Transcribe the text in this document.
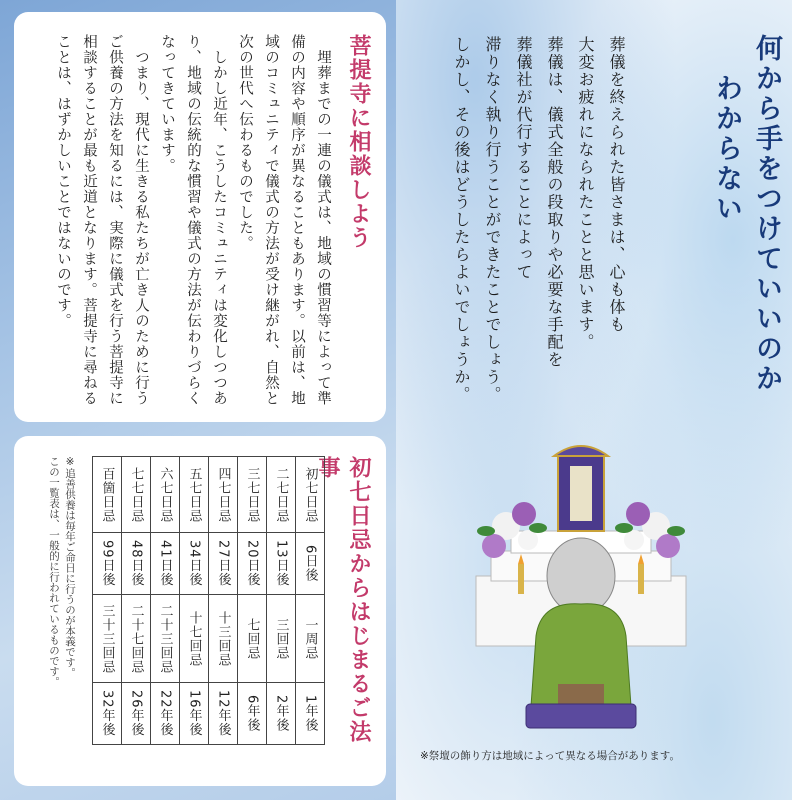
菩提寺に相談しよう

　埋葬までの一連の儀式は、地域の慣習等によって準備の内容や順序が異なることもあります。以前は、地域のコミュニティで儀式の方法が受け継がれ、自然と次の世代へ伝わるものでした。

　しかし近年、こうしたコミュニティは変化しつつあり、地域の伝統的な慣習や儀式の方法が伝わりづらくなってきています。

　つまり、現代に生きる私たちが亡き人のために行うご供養の方法を知るには、実際に儀式を行う菩提寺に相談することが最も近道となります。菩提寺に尋ねることは、はずかしいことではないのです。

初七日忌からはじまるご法事
※追善供養は毎年ご命日に行うのが本義です。
この一覧表は、一般的に行われているものです。	百箇日忌	七七日忌	六七日忌	五七日忌	四七日忌	三七日忌	二七日忌	初七日忌

99日後	48日後	41日後	34日後	27日後	20日後	13日後	6日後

三十三回忌	二十七回忌	二十三回忌	十七回忌	十三回忌	七回忌	三回忌	一周忌

32年後	26年後	22年後	16年後	12年後	6年後	2年後	1年後
何から手をつけていいのか
わからない
葬儀を終えられた皆さまは、心も体も
大変お疲れになられたことと思います。
葬儀は、儀式全般の段取りや必要な手配を
葬儀社が代行することによって
滞りなく執り行うことができたことでしょう。
しかし、その後はどうしたらよいでしょうか。
※祭壇の飾り方は地域によって異なる場合があります。
